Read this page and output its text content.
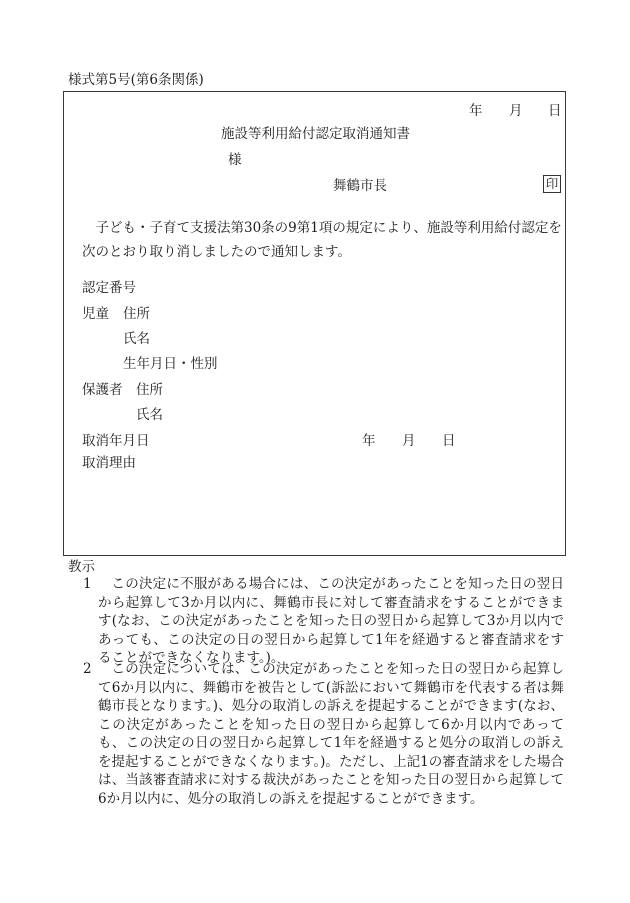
様式第5号(第6条関係)
年 月 日
施設等利用給付認定取消通知書
様
舞鶴市長	印
子ども・子育て支援法第30条の9第1項の規定により、施設等利用給付認定を次のとおり取り消しましたので通知します。
認定番号
児童 住所
氏名
生年月日・性別
保護者 住所
氏名
取消年月日	年 月 日
取消理由
教示
1	この決定に不服がある場合には、この決定があったことを知った日の翌日から起算して3か月以内に、舞鶴市長に対して審査請求をすることができます(なお、この決定があったことを知った日の翌日から起算して3か月以内であっても、この決定の日の翌日から起算して1年を経過すると審査請求をすることができなくなります。)。
2	この決定については、この決定があったことを知った日の翌日から起算して6か月以内に、舞鶴市を被告として(訴訟において舞鶴市を代表する者は舞鶴市長となります。)、処分の取消しの訴えを提起することができます(なお、この決定があったことを知った日の翌日から起算して6か月以内であっても、この決定の日の翌日から起算して1年を経過すると処分の取消しの訴えを提起することができなくなります。)。ただし、上記1の審査請求をした場合は、当該審査請求に対する裁決があったことを知った日の翌日から起算して6か月以内に、処分の取消しの訴えを提起することができます。
